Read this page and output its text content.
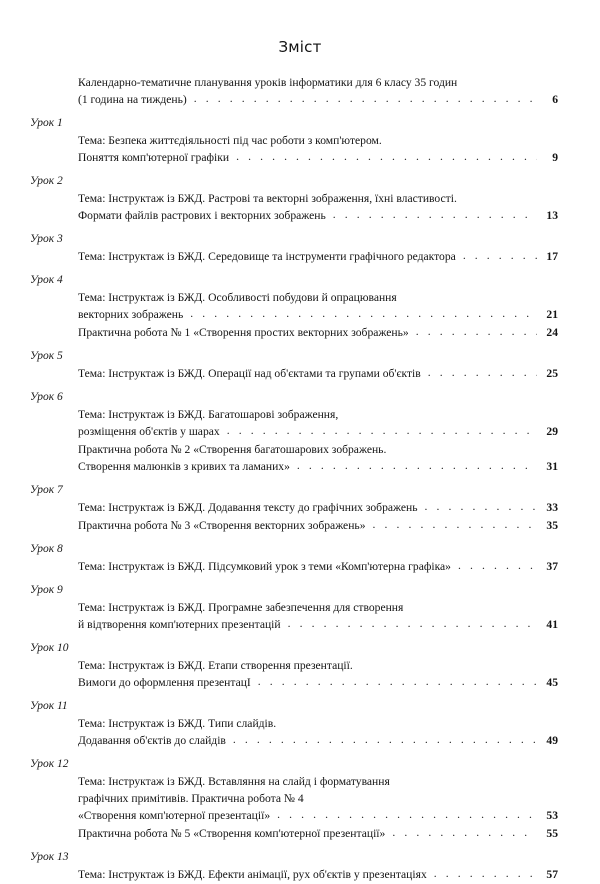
Зміст
Календарно-тематичне планування уроків інформатики для 6 класу 35 годин
(1 година на тиждень) . . .	6
Урок 1
Тема: Безпека життєдіяльності під час роботи з комп'ютером.
Поняття комп'ютерної графіки . . .	9
Урок 2
Тема: Інструктаж із БЖД. Растрові та векторні зображення, їхні властивості.
Формати файлів растрових і векторних зображень . . .	13
Урок 3
Тема: Інструктаж із БЖД. Середовище та інструменти графічного редактора . . .	17
Урок 4
Тема: Інструктаж із БЖД. Особливості побудови й опрацювання
векторних зображень . . .	21
Практична робота № 1 «Створення простих векторних зображень» . . .	24
Урок 5
Тема: Інструктаж із БЖД. Операції над об'єктами та групами об'єктів . . .	25
Урок 6
Тема: Інструктаж із БЖД. Багатошарові зображення,
розміщення об'єктів у шарах . . .	29
Практична робота № 2 «Створення багатошарових зображень.
Створення малюнків з кривих та ламаних» . . .	31
Урок 7
Тема: Інструктаж із БЖД. Додавання тексту до графічних зображень . . .	33
Практична робота № 3 «Створення векторних зображень» . . .	35
Урок 8
Тема: Інструктаж із БЖД. Підсумковий урок з теми «Комп'ютерна графіка» . . .	37
Урок 9
Тема: Інструктаж із БЖД. Програмне забезпечення для створення
й відтворення комп'ютерних презентацій . . .	41
Урок 10
Тема: Інструктаж із БЖД. Етапи створення презентації.
Вимоги до оформлення презентацІ . . .	45
Урок 11
Тема: Інструктаж із БЖД. Типи слайдів.
Додавання об'єктів до слайдів . . .	49
Урок 12
Тема: Інструктаж із БЖД. Вставляння на слайд і форматування
графічних примітивів. Практична робота № 4
«Створення комп'ютерної презентації» . . .	53
Практична робота № 5 «Створення комп'ютерної презентації» . . .	55
Урок 13
Тема: Інструктаж із БЖД. Ефекти анімації, рух об'єктів у презентаціях . . .	57
